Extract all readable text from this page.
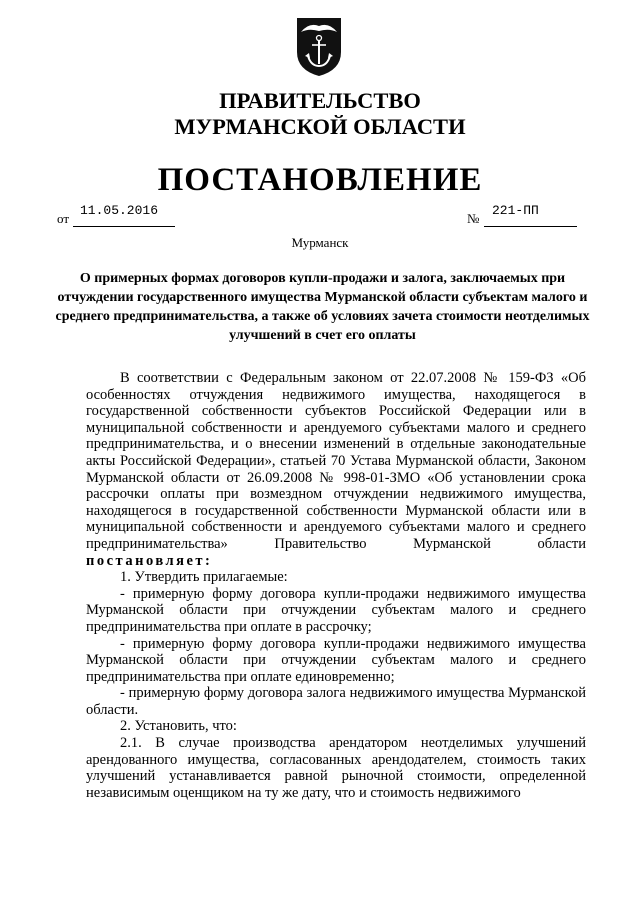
ПРАВИТЕЛЬСТВО
МУРМАНСКОЙ ОБЛАСТИ
ПОСТАНОВЛЕНИЕ
от
11.05.2016
№
221-ПП
Мурманск
О примерных формах договоров купли-продажи и залога, заключаемых при отчуждении государственного имущества Мурманской области субъектам малого и среднего предпринимательства, а также об условиях зачета стоимости неотделимых улучшений в счет его оплаты

В соответствии с Федеральным законом от 22.07.2008 № 159-ФЗ «Об особенностях отчуждения недвижимого имущества, находящегося в государственной собственности субъектов Российской Федерации или в муниципальной собственности и арендуемого субъектами малого и среднего предпринимательства, и о внесении изменений в отдельные законодательные акты Российской Федерации», статьей 70 Устава Мурманской области, Законом Мурманской области от 26.09.2008 № 998-01-ЗМО «Об установлении срока рассрочки оплаты при возмездном отчуждении недвижимого имущества, находящегося в государственной собственности Мурманской области или в муниципальной собственности и арендуемого субъектами малого и среднего предпринимательства» Правительство Мурманской области постановляет:

1. Утвердить прилагаемые:

- примерную форму договора купли-продажи недвижимого имущества Мурманской области при отчуждении субъектам малого и среднего предпринимательства при оплате в рассрочку;

- примерную форму договора купли-продажи недвижимого имущества Мурманской области при отчуждении субъектам малого и среднего предпринимательства при оплате единовременно;

- примерную форму договора залога недвижимого имущества Мурманской области.

2. Установить, что:

2.1. В случае производства арендатором неотделимых улучшений арендованного имущества, согласованных арендодателем, стоимость таких улучшений устанавливается равной рыночной стоимости, определенной независимым оценщиком на ту же дату, что и стоимость недвижимого
